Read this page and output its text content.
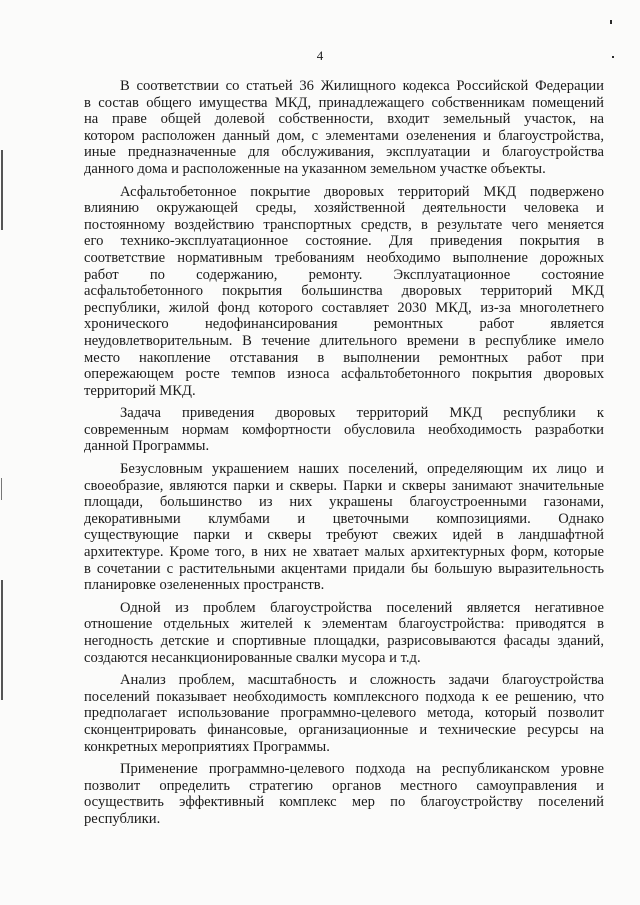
4
В соответствии со статьей 36 Жилищного кодекса Российской Федерации
в состав общего имущества МКД, принадлежащего собственникам помещений
на праве общей долевой собственности, входит земельный участок, на
котором расположен данный дом, с элементами озеленения и благоустройства,
иные предназначенные для обслуживания, эксплуатации и благоустройства
данного дома и расположенные на указанном земельном участке объекты.
Асфальтобетонное покрытие дворовых территорий МКД подвержено
влиянию окружающей среды, хозяйственной деятельности человека и
постоянному воздействию транспортных средств, в результате чего меняется
его технико-эксплуатационное состояние. Для приведения покрытия в
соответствие нормативным требованиям необходимо выполнение дорожных
работ по содержанию, ремонту. Эксплуатационное состояние
асфальтобетонного покрытия большинства дворовых территорий МКД
республики, жилой фонд которого составляет 2030 МКД, из-за многолетнего
хронического недофинансирования ремонтных работ является
неудовлетворительным. В течение длительного времени в республике имело
место накопление отставания в выполнении ремонтных работ при
опережающем росте темпов износа асфальтобетонного покрытия дворовых
территорий МКД.
Задача приведения дворовых территорий МКД республики к
современным нормам комфортности обусловила необходимость разработки
данной Программы.
Безусловным украшением наших поселений, определяющим их лицо и
своеобразие, являются парки и скверы. Парки и скверы занимают значительные
площади, большинство из них украшены благоустроенными газонами,
декоративными клумбами и цветочными композициями. Однако
существующие парки и скверы требуют свежих идей в ландшафтной
архитектуре. Кроме того, в них не хватает малых архитектурных форм, которые
в сочетании с растительными акцентами придали бы большую выразительность
планировке озелененных пространств.
Одной из проблем благоустройства поселений является негативное
отношение отдельных жителей к элементам благоустройства: приводятся в
негодность детские и спортивные площадки, разрисовываются фасады зданий,
создаются несанкционированные свалки мусора и т.д.
Анализ проблем, масштабность и сложность задачи благоустройства
поселений показывает необходимость комплексного подхода к ее решению, что
предполагает использование программно-целевого метода, который позволит
сконцентрировать финансовые, организационные и технические ресурсы на
конкретных мероприятиях Программы.
Применение программно-целевого подхода на республиканском уровне
позволит определить стратегию органов местного самоуправления и
осуществить эффективный комплекс мер по благоустройству поселений
республики.
